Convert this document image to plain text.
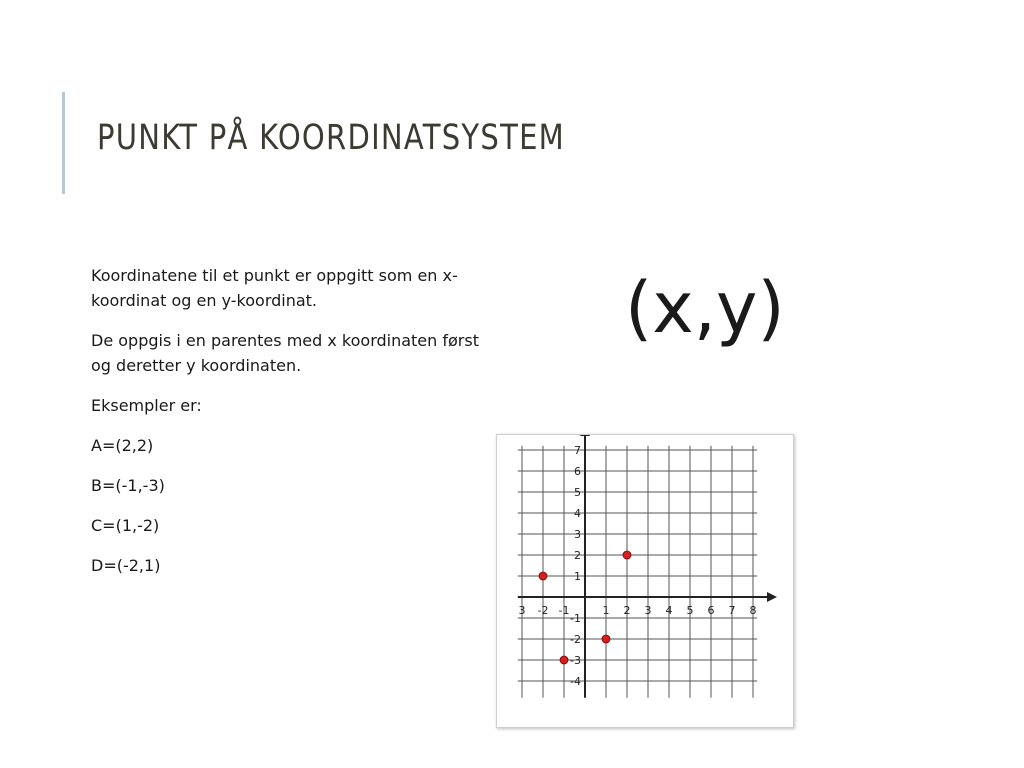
PUNKT PÅ KOORDINATSYSTEM

Koordinatene til et punkt er oppgitt som en x-koordinat og en y-koordinat.

De oppgis i en parentes med x koordinaten først og deretter y koordinaten.

Eksempler er:

A=(2,2)

B=(-1,-3)

C=(1,-2)

D=(-2,1)

(x,y)
3 -2 -1	1 2 3 4 5 6 7 8
7
6
5
4
3
2
1
-1
-2
-3
-4
